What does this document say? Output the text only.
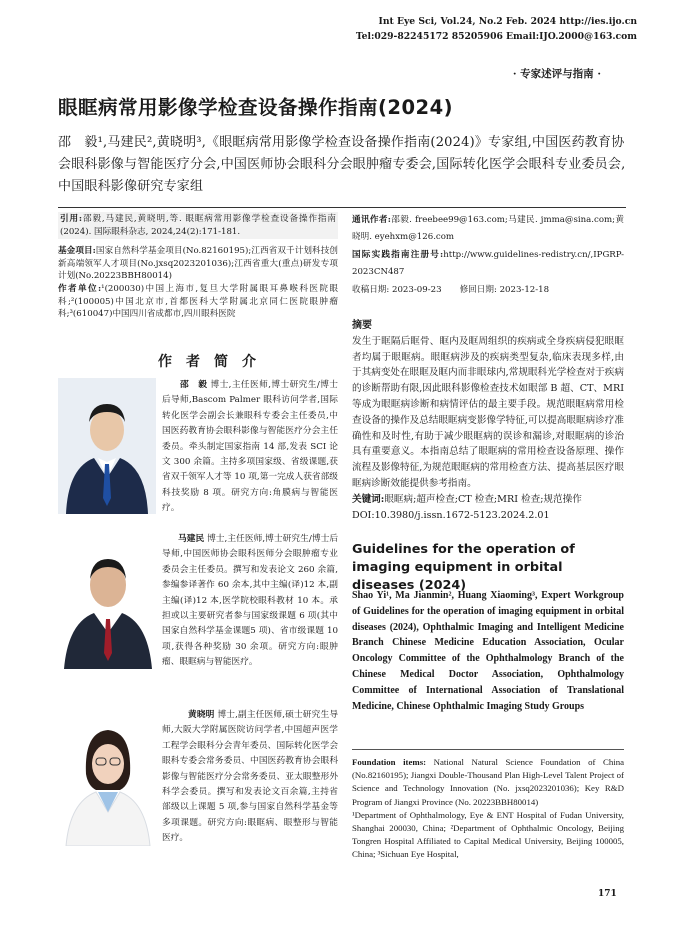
Int Eye Sci, Vol.24, No.2 Feb. 2024 http://ies.ijo.cn
Tel:029-82245172 85205906 Email:IJO.2000@163.com
· 专家述评与指南 ·
眼眶病常用影像学检查设备操作指南(2024)
邵　毅¹,马建民²,黄晓明³,《眼眶病常用影像学检查设备操作指南(2024)》专家组,中国医药教育协会眼科影像与智能医疗分会,中国医师协会眼科分会眼肿瘤专委会,国际转化医学会眼科专业委员会,中国眼科影像研究专家组
引用:邵毅,马建民,黄晓明,等. 眼眶病常用影像学检查设备操作指南(2024). 国际眼科杂志, 2024,24(2):171-181.
基金项目:国家自然科学基金项目(No.82160195);江西省双千计划科技创新高端领军人才项目(No.jxsq2023201036);江西省重大(重点)研发专项计划(No.20223BBH80014)
作者单位:¹(200030)中国上海市,复旦大学附属眼耳鼻喉科医院眼科;²(100005)中国北京市,首都医科大学附属北京同仁医院眼肿瘤科;³(610047)中国四川省成都市,四川眼科医院
作者简介
邵　毅 博士,主任医师,博士研究生/博士后导师,Bascom Palmer 眼科访问学者,国际转化医学会副会长兼眼科专委会主任委员,中国医药教育协会眼科影像与智能医疗分会主任委员。牵头制定国家指南 14 部,发表 SCI 论文 300 余篇。主持多项国家级、省级课题,获省双千领军人才等 10 项,第一完成人获省部级科技奖励 8 项。研究方向:角膜病与智能医疗。
马建民 博士,主任医师,博士研究生/博士后导师,中国医师协会眼科医师分会眼肿瘤专业委员会主任委员。撰写和发表论文 260 余篇,参编参译著作 60 余本,其中主编(译)12 本,副主编(译)12 本,医学院校眼科教材 10 本。承担或以主要研究者参与国家级课题 6 项(其中国家自然科学基金课题5 项)、省市级课题 10 项,获得各种奖励 30 余项。研究方向:眼肿瘤、眼眶病与智能医疗。
黄晓明 博士,副主任医师,硕士研究生导师,大阪大学附属医院访问学者,中国超声医学工程学会眼科分会青年委员、国际转化医学会眼科专委会常务委员、中国医药教育协会眼科影像与智能医疗分会常务委员、亚太眼整形外科学会委员。撰写和发表论文百余篇,主持省部级以上课题 5 项,参与国家自然科学基金等多项课题。研究方向:眼眶病、眼整形与智能医疗。
通讯作者:邵毅. freebee99@163.com;马建民. jmma@sina.com;黄晓明. eyehxm@126.com
国际实践指南注册号:http://www.guidelines-redistry.cn/,IPGRP-2023CN487
收稿日期: 2023-09-23 修回日期: 2023-12-18
摘要
发生于眶隔后眶骨、眶内及眶周组织的疾病或全身疾病侵犯眼眶者均属于眼眶病。眼眶病涉及的疾病类型复杂,临床表现多样,由于其病变处在眼眶及眶内而非眼球内,常规眼科光学检查对于疾病的诊断帮助有限,因此眼科影像检查技术如眼部 B 超、CT、MRI 等成为眼眶病诊断和病情评估的最主要手段。规范眼眶病常用检查设备的操作及总结眼眶病变影像学特征,可以提高眼眶病诊疗准确性和及时性,有助于减少眼眶病的误诊和漏诊,对眼眶病的诊治具有重要意义。本指南总结了眼眶病的常用检查设备原理、操作流程及影像特征,为规范眼眶病的常用检查方法、提高基层医疗眼眶病诊断效能提供参考指南。
关键词:眼眶病;超声检查;CT 检查;MRI 检查;规范操作
DOI:10.3980/j.issn.1672-5123.2024.2.01
Guidelines for the operation of imaging equipment in orbital diseases (2024)
Shao Yi¹, Ma Jianmin², Huang Xiaoming³, Expert Workgroup of Guidelines for the operation of imaging equipment in orbital diseases (2024), Ophthalmic Imaging and Intelligent Medicine Branch Chinese Medicine Education Association, Ocular Oncology Committee of the Ophthalmology Branch of the Chinese Medical Doctor Association, Ophthalmology Committee of International Association of Translational Medicine, Chinese Ophthalmic Imaging Study Groups
Foundation items: National Natural Science Foundation of China (No.82160195); Jiangxi Double-Thousand Plan High-Level Talent Project of Science and Technology Innovation (No. jxsq2023201036); Key R&D Program of Jiangxi Province (No. 20223BBH80014)
¹Department of Ophthalmology, Eye & ENT Hospital of Fudan University, Shanghai 200030, China; ²Department of Ophthalmic Oncology, Beijing Tongren Hospital Affiliated to Capital Medical University, Beijing 100005, China; ³Sichuan Eye Hospital,
171
